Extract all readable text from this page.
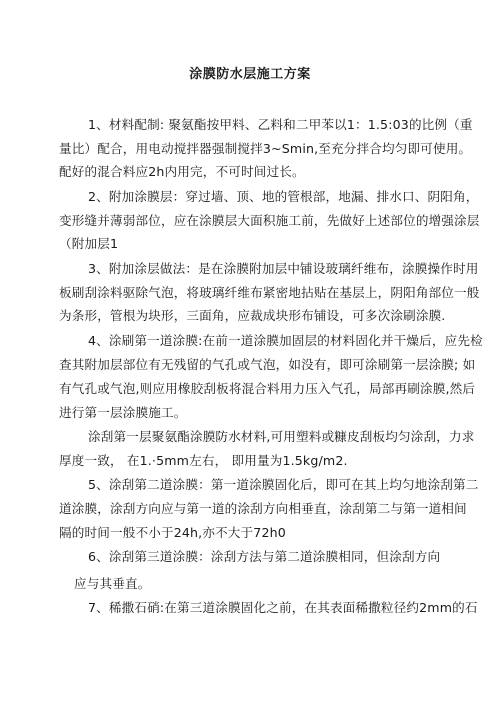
涂膜防水层施工方案
1、材料配制: 聚氨酯按甲料、乙料和二甲苯以1：1.5:03的比例（重
量比）配合，用电动搅拌器强制搅拌3~Smin,至充分拌合均匀即可使用。
配好的混合料应2h内用完，不可时间过长。
2、附加涂膜层：穿过墙、顶、地的管根部，地漏、排水口、阴阳角，
变形缝并薄弱部位，应在涂膜层大面积施工前，先做好上述部位的增强涂层
（附加层1
3、附加涂层做法：是在涂膜附加层中铺设玻璃纤维布，涂膜操作时用
板刷刮涂料驱除气泡，将玻璃纤维布紧密地拈贴在基层上，阴阳角部位一般
为条形，管根为块形，三面角，应裁成块形布铺设，可多次涂刷涂膜.
4、涂刷第一道涂膜:在前一道涂膜加固层的材料固化并干燥后，应先检
查其附加层部位有无残留的气孔或气泡，如没有，即可涂刷第一层涂膜; 如
有气孔或气泡,则应用橡胶刮板将混合料用力压入气孔，局部再刷涂膜,然后
进行第一层涂膜施工。
涂刮第一层聚氨酯涂膜防水材料,可用塑料或糠皮刮板均匀涂刮，力求
厚度一致， 在1.·5mm左右， 即用量为1.5kg/m2.
5、涂刮第二道涂膜：第一道涂膜固化后，即可在其上均匀地涂刮第二
道涂膜，涂刮方向应与第一道的涂刮方向相垂直，涂刮第二与第一道相间
隔的时间一般不小于24h,亦不大于72h0
6、涂刮第三道涂膜：涂刮方法与第二道涂膜相同，但涂刮方向
应与其垂直。
7、稀撒石硝:在第三道涂膜固化之前，在其表面稀撒粒径约2mm的石
